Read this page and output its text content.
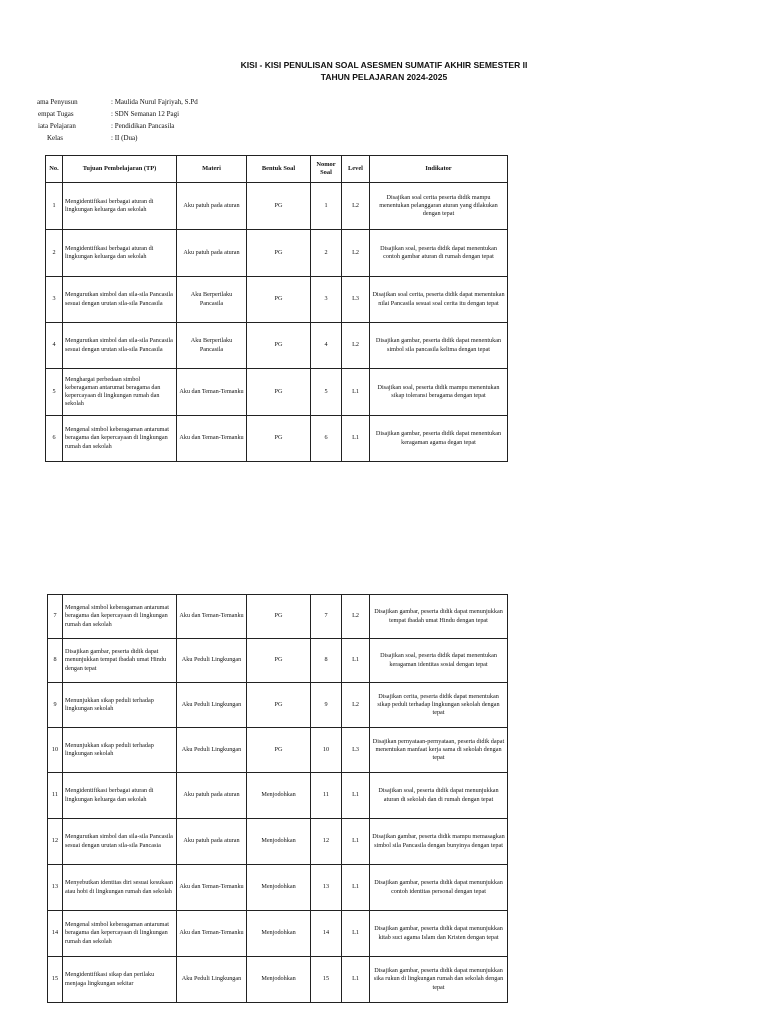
KISI - KISI PENULISAN SOAL ASESMEN SUMATIF AKHIR SEMESTER II
TAHUN PELAJARAN 2024-2025
ama Penyusun	: Maulida Nurul Fajriyah, S.Pd
empat Tugas	: SDN Semanan 12 Pagi
iata Pelajaran	: Pendidikan Pancasila
Kelas	: II (Dua)
No.	Tujuan Pembelajaran (TP)	Materi	Bentuk Soal	Nomor Soal	Level	Indikator
1	Mengidentifikasi berbagai aturan di lingkungan keluarga dan sekolah	Aku patuh pada aturan	PG	1	L2	Disajikan soal cerita peserta didik mampu menentukan pelanggaran aturan yang dilakukan dengan tepat
2	Mengidentifikasi berbagai aturan di lingkungan keluarga dan sekolah	Aku patuh pada aturan	PG	2	L2	Disajikan soal, peserta didik dapat menentukan contoh gambar aturan di rumah dengan tepat
3	Mengurutkan simbol dan sila-sila Pancasila sesuai dengan urutan sila-sila Pancasila	Aku Berperilaku Pancasila	PG	3	L3	Disajikan soal cerita, peserta didik dapat menentukan nilai Pancasila sesuai soal cerita itu dengan tepat
4	Mengurutkan simbol dan sila-sila Pancasila sesuai dengan urutan sila-sila Pancasila	Aku Berperilaku Pancasila	PG	4	L2	Disajikan gambar, peserta didik dapat menentukan simbol sila pancasila kelima dengan tepat
5	Menghargai perbedaan simbol keberagaman antarumat beragama dan kepercayaan di lingkungan rumah dan sekolah	Aku dan Teman-Temanku	PG	5	L1	Disajikan soal, peserta didik mampu menentukan sikap toleransi beragama dengan tepat
6	Mengenal simbol keberagaman antarumat beragama dan kepercayaan di lingkungan rumah dan sekolah	Aku dan Teman-Temanku	PG	6	L1	Disajikan gambar, peserta didik dapat menentukan keragaman agama degan tepat
7	Mengenal simbol keberagaman antarumat beragama dan kepercayaan di lingkungan rumah dan sekolah	Aku dan Teman-Temanku	PG	7	L2	Disajikan gambar, peserta didik dapat menunjukkan tempat ibadah umat Hindu dengan tepat
8	Disajikan gambar, peserta didik dapat menunjukkan tempat ibadah umat Hindu dengan tepat	Aku Peduli Lingkungan	PG	8	L1	Disajikan soal, peserta didik dapat menentukan keragaman identitas sosial dengan tepat
9	Menunjukkan sikap peduli terhadap lingkungan sekolah	Aku Peduli Lingkungan	PG	9	L2	Disajikan cerita, peserta didik dapat menentukan sikap peduli terhadap lingkungan sekolah dengan tepat
10	Menunjukkan sikap peduli terhadap lingkungan sekolah	Aku Peduli Lingkungan	PG	10	L3	Disajikan pernyataan-pernyataan, peserta didik dapat menentukan manfaat kerja sama di sekolah dengan tepat
11	Mengidentifikasi berbagai aturan di lingkungan keluarga dan sekolah	Aku patuh pada aturan	Menjodohkan	11	L1	Disajikan soal, peserta didik dapat menunjukkan aturan di sekolah dan di rumah dengan tepat
12	Mengurutkan simbol dan sila-sila Pancasila sesuai dengan urutan sila-sila Pancasia	Aku patuh pada aturan	Menjodohkan	12	L1	Disajikan gambar, peserta didik mampu memasagkan simbol sila Pancasila dengan bunyinya dengan tepat
13	Menyebutkan identitas diri sesuai kesukaan atau hobi di lingkungan rumah dan sekolah	Aku dan Teman-Temanku	Menjodohkan	13	L1	Disajikan gambar, peserta didik dapat menunjukkan contoh identitas personal dengan tepat
14	Mengenal simbol keberagaman antarumat beragama dan kepercayaan di lingkungan rumah dan sekolah	Aku dan Teman-Temanku	Menjodohkan	14	L1	Disajikan gambar, peserta didik dapat menunjukkan kitab suci agama Islam dan Kristen dengan tepat
15	Mengidentifikasi sikap dan perilaku menjaga lingkungan sekitar	Aku Peduli Lingkungan	Menjodohkan	15	L1	Disajikan gambar, peserta didik dapat menunjukkan sika rukun di lingkungan rumah dan sekolah dengan tepat
